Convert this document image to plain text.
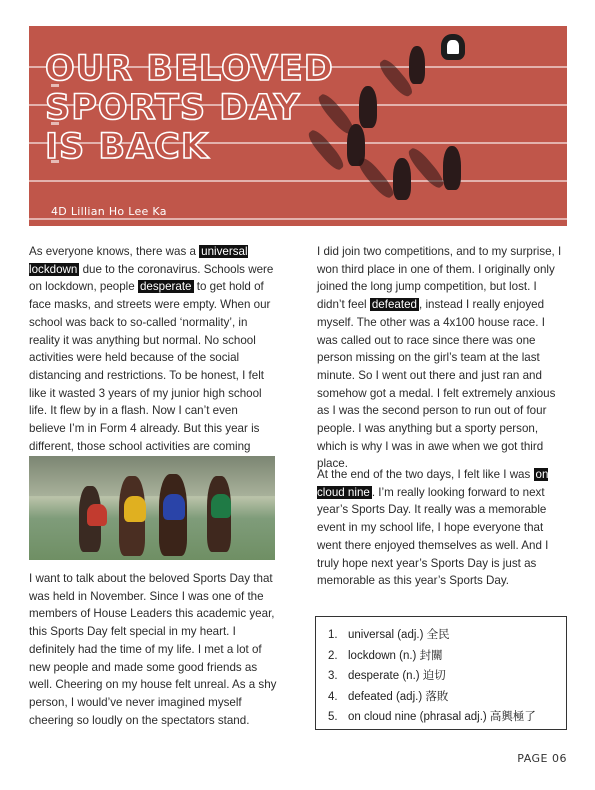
OUR BELOVED
SPORTS DAY
IS BACK
4D Lillian Ho Lee Ka

As everyone knows, there was a universal lockdown due to the coronavirus. Schools were on lockdown, people desperate to get hold of face masks, and streets were empty. When our school was back to so-called ‘normality’, in reality it was anything but normal. No school activities were held because of the social distancing and restrictions. To be honest, I felt like it wasted 3 years of my junior high school life. It flew by in a flash. Now I can’t even believe I’m in Form 4 already. But this year is different, those school activities are coming

I want to talk about the beloved Sports Day that was held in November. Since I was one of the members of House Leaders this academic year, this Sports Day felt special in my heart. I definitely had the time of my life. I met a lot of new people and made some good friends as well. Cheering on my house felt unreal. As a shy person, I would’ve never imagined myself cheering so loudly on the spectators stand.

I did join two competitions, and to my surprise, I won third place in one of them. I originally only joined the long jump competition, but lost. I didn’t feel defeated , instead I really enjoyed myself. The other was a 4x100 house race. I was called out to race since there was one person missing on the girl’s team at the last minute. So I went out there and just ran and somehow got a medal. I felt extremely anxious as I was the second person to run out of four people. I was anything but a sporty person, which is why I was in awe when we got third place.

At the end of the two days, I felt like I was on cloud nine . I’m really looking forward to next year’s Sports Day. It really was a memorable event in my school life, I hope everyone that went there enjoyed themselves as well. And I truly hope next year’s Sports Day is just as memorable as this year’s Sports Day.

1. universal (adj.) 全民
2. lockdown (n.) 封關
3. desperate (n.) 迫切
4. defeated (adj.) 落敗
5. on cloud nine (phrasal adj.) 高興極了
PAGE 06
